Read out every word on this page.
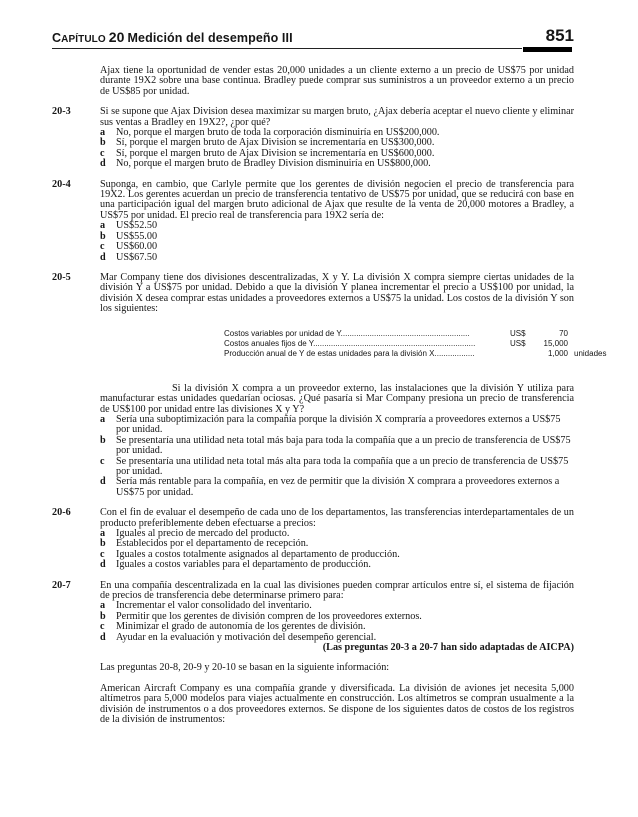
CAPÍTULO 20 Medición del desempeño III	851

Ajax tiene la oportunidad de vender estas 20,000 unidades a un cliente externo a un precio de US$75 por unidad durante 19X2 sobre una base continua. Bradley puede comprar sus suministros a un proveedor externo a un precio de US$85 por unidad.

20-3	Si se supone que Ajax Division desea maximizar su margen bruto, ¿Ajax debería aceptar el nuevo cliente y eliminar sus ventas a Bradley en 19X2?, ¿por qué?

a No, porque el margen bruto de toda la corporación disminuiría en US$200,000.
b Sí, porque el margen bruto de Ajax Division se incrementaría en US$300,000.
c Sí, porque el margen bruto de Ajax Division se incrementaría en US$600,000.
d No, porque el margen bruto de Bradley Division disminuiría en US$800,000.
20-4	Suponga, en cambio, que Carlyle permite que los gerentes de división negocien el precio de transferencia para 19X2. Los gerentes acuerdan un precio de transferencia tentativo de US$75 por unidad, que se reducirá con base en una participación igual del margen bruto adicional de Ajax que resulte de la venta de 20,000 motores a Bradley, a US$75 por unidad. El precio real de transferencia para 19X2 sería de:

a US$52.50
b US$55.00
c US$60.00
d US$67.50
20-5	Mar Company tiene dos divisiones descentralizadas, X y Y. La división X compra siempre ciertas unidades de la división Y a US$75 por unidad. Debido a que la división Y planea incrementar el precio a US$100 por unidad, la división X desea comprar estas unidades a proveedores externos a US$75 la unidad. Los costos de la división Y son los siguientes:

Costos variables por unidad de Y..........................................................	US$	70
Costos anuales fijos de Y.........................................................................	US$	15,000
Producción anual de Y de estas unidades para la división X..................	1,000 unidades

Si la división X compra a un proveedor externo, las instalaciones que la división Y utiliza para manufacturar estas unidades quedarían ociosas. ¿Qué pasaría si Mar Company presiona un precio de transferencia de US$100 por unidad entre las divisiones X y Y?

a Sería una suboptimización para la compañía porque la división X compraría a proveedores externos a US$75 por unidad.
b Se presentaría una utilidad neta total más baja para toda la compañía que a un precio de transferencia de US$75 por unidad.
c Se presentaría una utilidad neta total más alta para toda la compañía que a un precio de transferencia de US$75 por unidad.
d Sería más rentable para la compañía, en vez de permitir que la división X comprara a proveedores externos a US$75 por unidad.
20-6	Con el fin de evaluar el desempeño de cada uno de los departamentos, las transferencias interdepartamentales de un producto preferiblemente deben efectuarse a precios:

a Iguales al precio de mercado del producto.
b Establecidos por el departamento de recepción.
c Iguales a costos totalmente asignados al departamento de producción.
d Iguales a costos variables para el departamento de producción.
20-7	En una compañía descentralizada en la cual las divisiones pueden comprar artículos entre sí, el sistema de fijación de precios de transferencia debe determinarse primero para:

a Incrementar el valor consolidado del inventario.
b Permitir que los gerentes de división compren de los proveedores externos.
c Minimizar el grado de autonomía de los gerentes de división.
d Ayudar en la evaluación y motivación del desempeño gerencial.

(Las preguntas 20-3 a 20-7 han sido adaptadas de AICPA)

Las preguntas 20-8, 20-9 y 20-10 se basan en la siguiente información:

American Aircraft Company es una compañía grande y diversificada. La división de aviones jet necesita 5,000 altímetros para 5,000 modelos para viajes actualmente en construcción. Los altímetros se compran usualmente a la división de instrumentos o a dos proveedores externos. Se dispone de los siguientes datos de costos de los registros de la división de instrumentos:
